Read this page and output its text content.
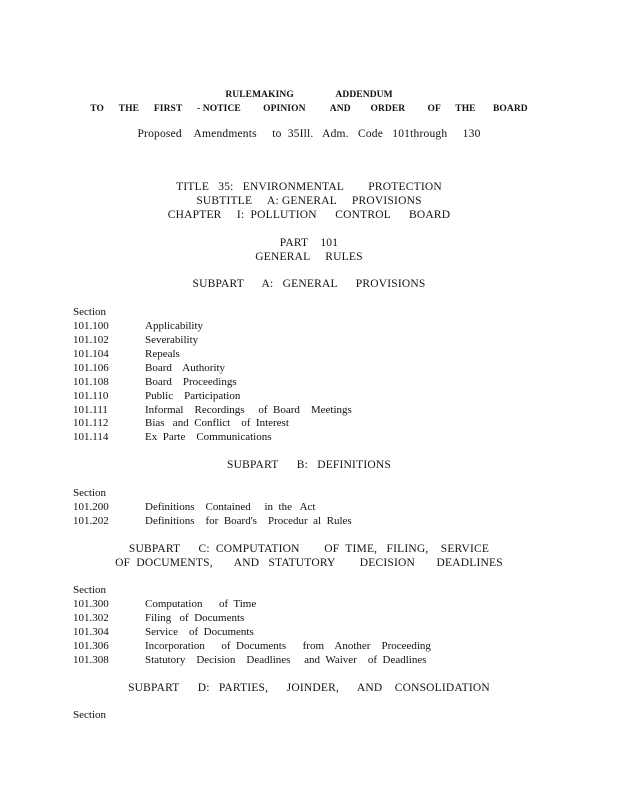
RULEMAKING                 ADDENDUM
TO      THE      FIRST      - NOTICE         OPINION          AND        ORDER         OF      THE       BOARD
Proposed    Amendments     to  35Ill.   Adm.   Code   101through     130
TITLE   35:   ENVIRONMENTAL        PROTECTION
SUBTITLE     A: GENERAL     PROVISIONS
CHAPTER     I:  POLLUTION      CONTROL      BOARD
PART    101
GENERAL     RULES
SUBPART      A:   GENERAL      PROVISIONS
Section
101.100	Applicability
101.102	Severability
101.104	Repeals
101.106	Board    Authority
101.108	Board    Proceedings
101.110	Public    Participation
101.111	Informal    Recordings     of  Board    Meetings
101.112	Bias   and  Conflict    of  Interest
101.114	Ex  Parte    Communications
SUBPART      B:   DEFINITIONS
Section
101.200	Definitions    Contained     in  the   Act
101.202	Definitions    for  Board's    Procedur  al  Rules
SUBPART      C:  COMPUTATION        OF  TIME,   FILING,    SERVICE
OF  DOCUMENTS,       AND   STATUTORY        DECISION       DEADLINES
Section
101.300	Computation      of  Time
101.302	Filing   of  Documents
101.304	Service    of  Documents
101.306	Incorporation      of  Documents      from    Another    Proceeding
101.308	Statutory    Decision    Deadlines     and  Waiver    of  Deadlines
SUBPART      D:   PARTIES,      JOINDER,      AND    CONSOLIDATION
Section
